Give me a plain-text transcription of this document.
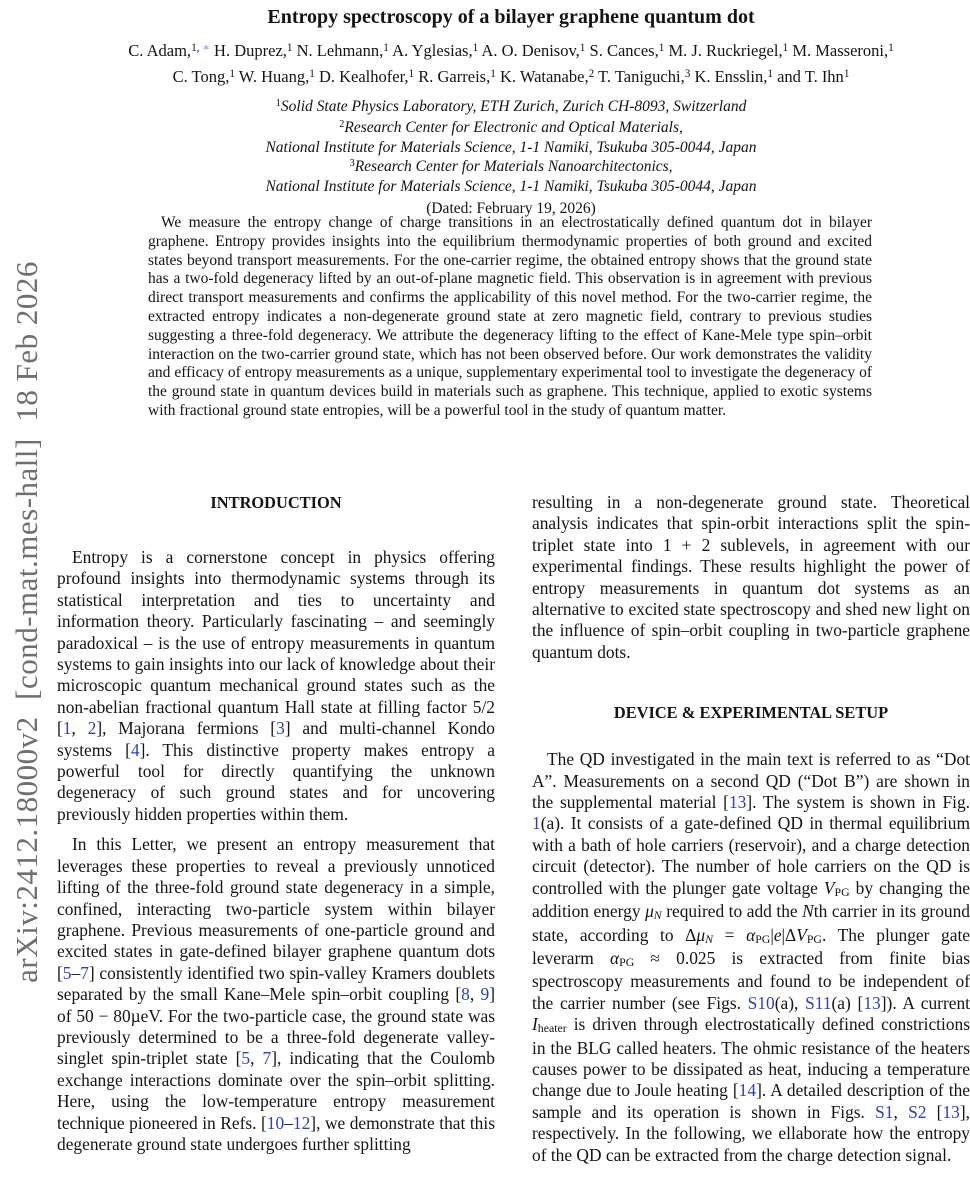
arXiv:2412.18000v2  [cond-mat.mes-hall]  18 Feb 2026
Entropy spectroscopy of a bilayer graphene quantum dot
C. Adam,$^{1,}$ ∗ H. Duprez,$^1$ N. Lehmann,$^1$ A. Yglesias,$^1$ A. O. Denisov,$^1$ S. Cances,$^1$ M. J. Ruckriegel,$^1$ M. Masseroni,$^1$
C. Tong,$^1$ W. Huang,$^1$ D. Kealhofer,$^1$ R. Garreis,$^1$ K. Watanabe,$^2$ T. Taniguchi,$^3$ K. Ensslin,$^1$ and T. Ihn$^1$
$^1$Solid State Physics Laboratory, ETH Zurich, Zurich CH-8093, Switzerland
$^2$Research Center for Electronic and Optical Materials,
National Institute for Materials Science, 1-1 Namiki, Tsukuba 305-0044, Japan
$^3$Research Center for Materials Nanoarchitectonics,
National Institute for Materials Science, 1-1 Namiki, Tsukuba 305-0044, Japan
(Dated: February 19, 2026)
We measure the entropy change of charge transitions in an electrostatically defined quantum dot in bilayer graphene. Entropy provides insights into the equilibrium thermodynamic properties of both ground and excited states beyond transport measurements. For the one-carrier regime, the obtained entropy shows that the ground state has a two-fold degeneracy lifted by an out-of-plane magnetic field. This observation is in agreement with previous direct transport measurements and confirms the applicability of this novel method. For the two-carrier regime, the extracted entropy indicates a non-degenerate ground state at zero magnetic field, contrary to previous studies suggesting a three-fold degeneracy. We attribute the degeneracy lifting to the effect of Kane-Mele type spin–orbit interaction on the two-carrier ground state, which has not been observed before. Our work demonstrates the validity and efficacy of entropy measurements as a unique, supplementary experimental tool to investigate the degeneracy of the ground state in quantum devices build in materials such as graphene. This technique, applied to exotic systems with fractional ground state entropies, will be a powerful tool in the study of quantum matter.
INTRODUCTION

Entropy is a cornerstone concept in physics offering profound insights into thermodynamic systems through its statistical interpretation and ties to uncertainty and information theory. Particularly fascinating – and seemingly paradoxical – is the use of entropy measurements in quantum systems to gain insights into our lack of knowledge about their microscopic quantum mechanical ground states such as the non-abelian fractional quantum Hall state at filling factor 5/2 [1, 2], Majorana fermions [3] and multi-channel Kondo systems [4]. This distinctive property makes entropy a powerful tool for directly quantifying the unknown degeneracy of such ground states and for uncovering previously hidden properties within them.

In this Letter, we present an entropy measurement that leverages these properties to reveal a previously unnoticed lifting of the three-fold ground state degeneracy in a simple, confined, interacting two-particle system within bilayer graphene. Previous measurements of one-particle ground and excited states in gate-defined bilayer graphene quantum dots [5–7] consistently identified two spin-valley Kramers doublets separated by the small Kane–Mele spin–orbit coupling [8, 9] of 50 − 80µeV. For the two-particle case, the ground state was previously determined to be a three-fold degenerate valley-singlet spin-triplet state [5, 7], indicating that the Coulomb exchange interactions dominate over the spin–orbit splitting. Here, using the low-temperature entropy measurement technique pioneered in Refs. [10–12], we demonstrate that this degenerate ground state undergoes further splitting

resulting in a non-degenerate ground state. Theoretical analysis indicates that spin-orbit interactions split the spin-triplet state into 1 + 2 sublevels, in agreement with our experimental findings. These results highlight the power of entropy measurements in quantum dot systems as an alternative to excited state spectroscopy and shed new light on the influence of spin–orbit coupling in two-particle graphene quantum dots.

DEVICE & EXPERIMENTAL SETUP

The QD investigated in the main text is referred to as “Dot A”. Measurements on a second QD (“Dot B”) are shown in the supplemental material [13]. The system is shown in Fig. 1(a). It consists of a gate-defined QD in thermal equilibrium with a bath of hole carriers (reservoir), and a charge detection circuit (detector). The number of hole carriers on the QD is controlled with the plunger gate voltage VPG by changing the addition energy μN required to add the Nth carrier in its ground state, according to ΔμN = αPG|e|ΔVPG. The plunger gate leverarm αPG ≈ 0.025 is extracted from finite bias spectroscopy measurements and found to be independent of the carrier number (see Figs. S10(a), S11(a) [13]). A current Iheater is driven through electrostatically defined constrictions in the BLG called heaters. The ohmic resistance of the heaters causes power to be dissipated as heat, inducing a temperature change due to Joule heating [14]. A detailed description of the sample and its operation is shown in Figs. S1, S2 [13], respectively. In the following, we ellaborate how the entropy of the QD can be extracted from the charge detection signal.
